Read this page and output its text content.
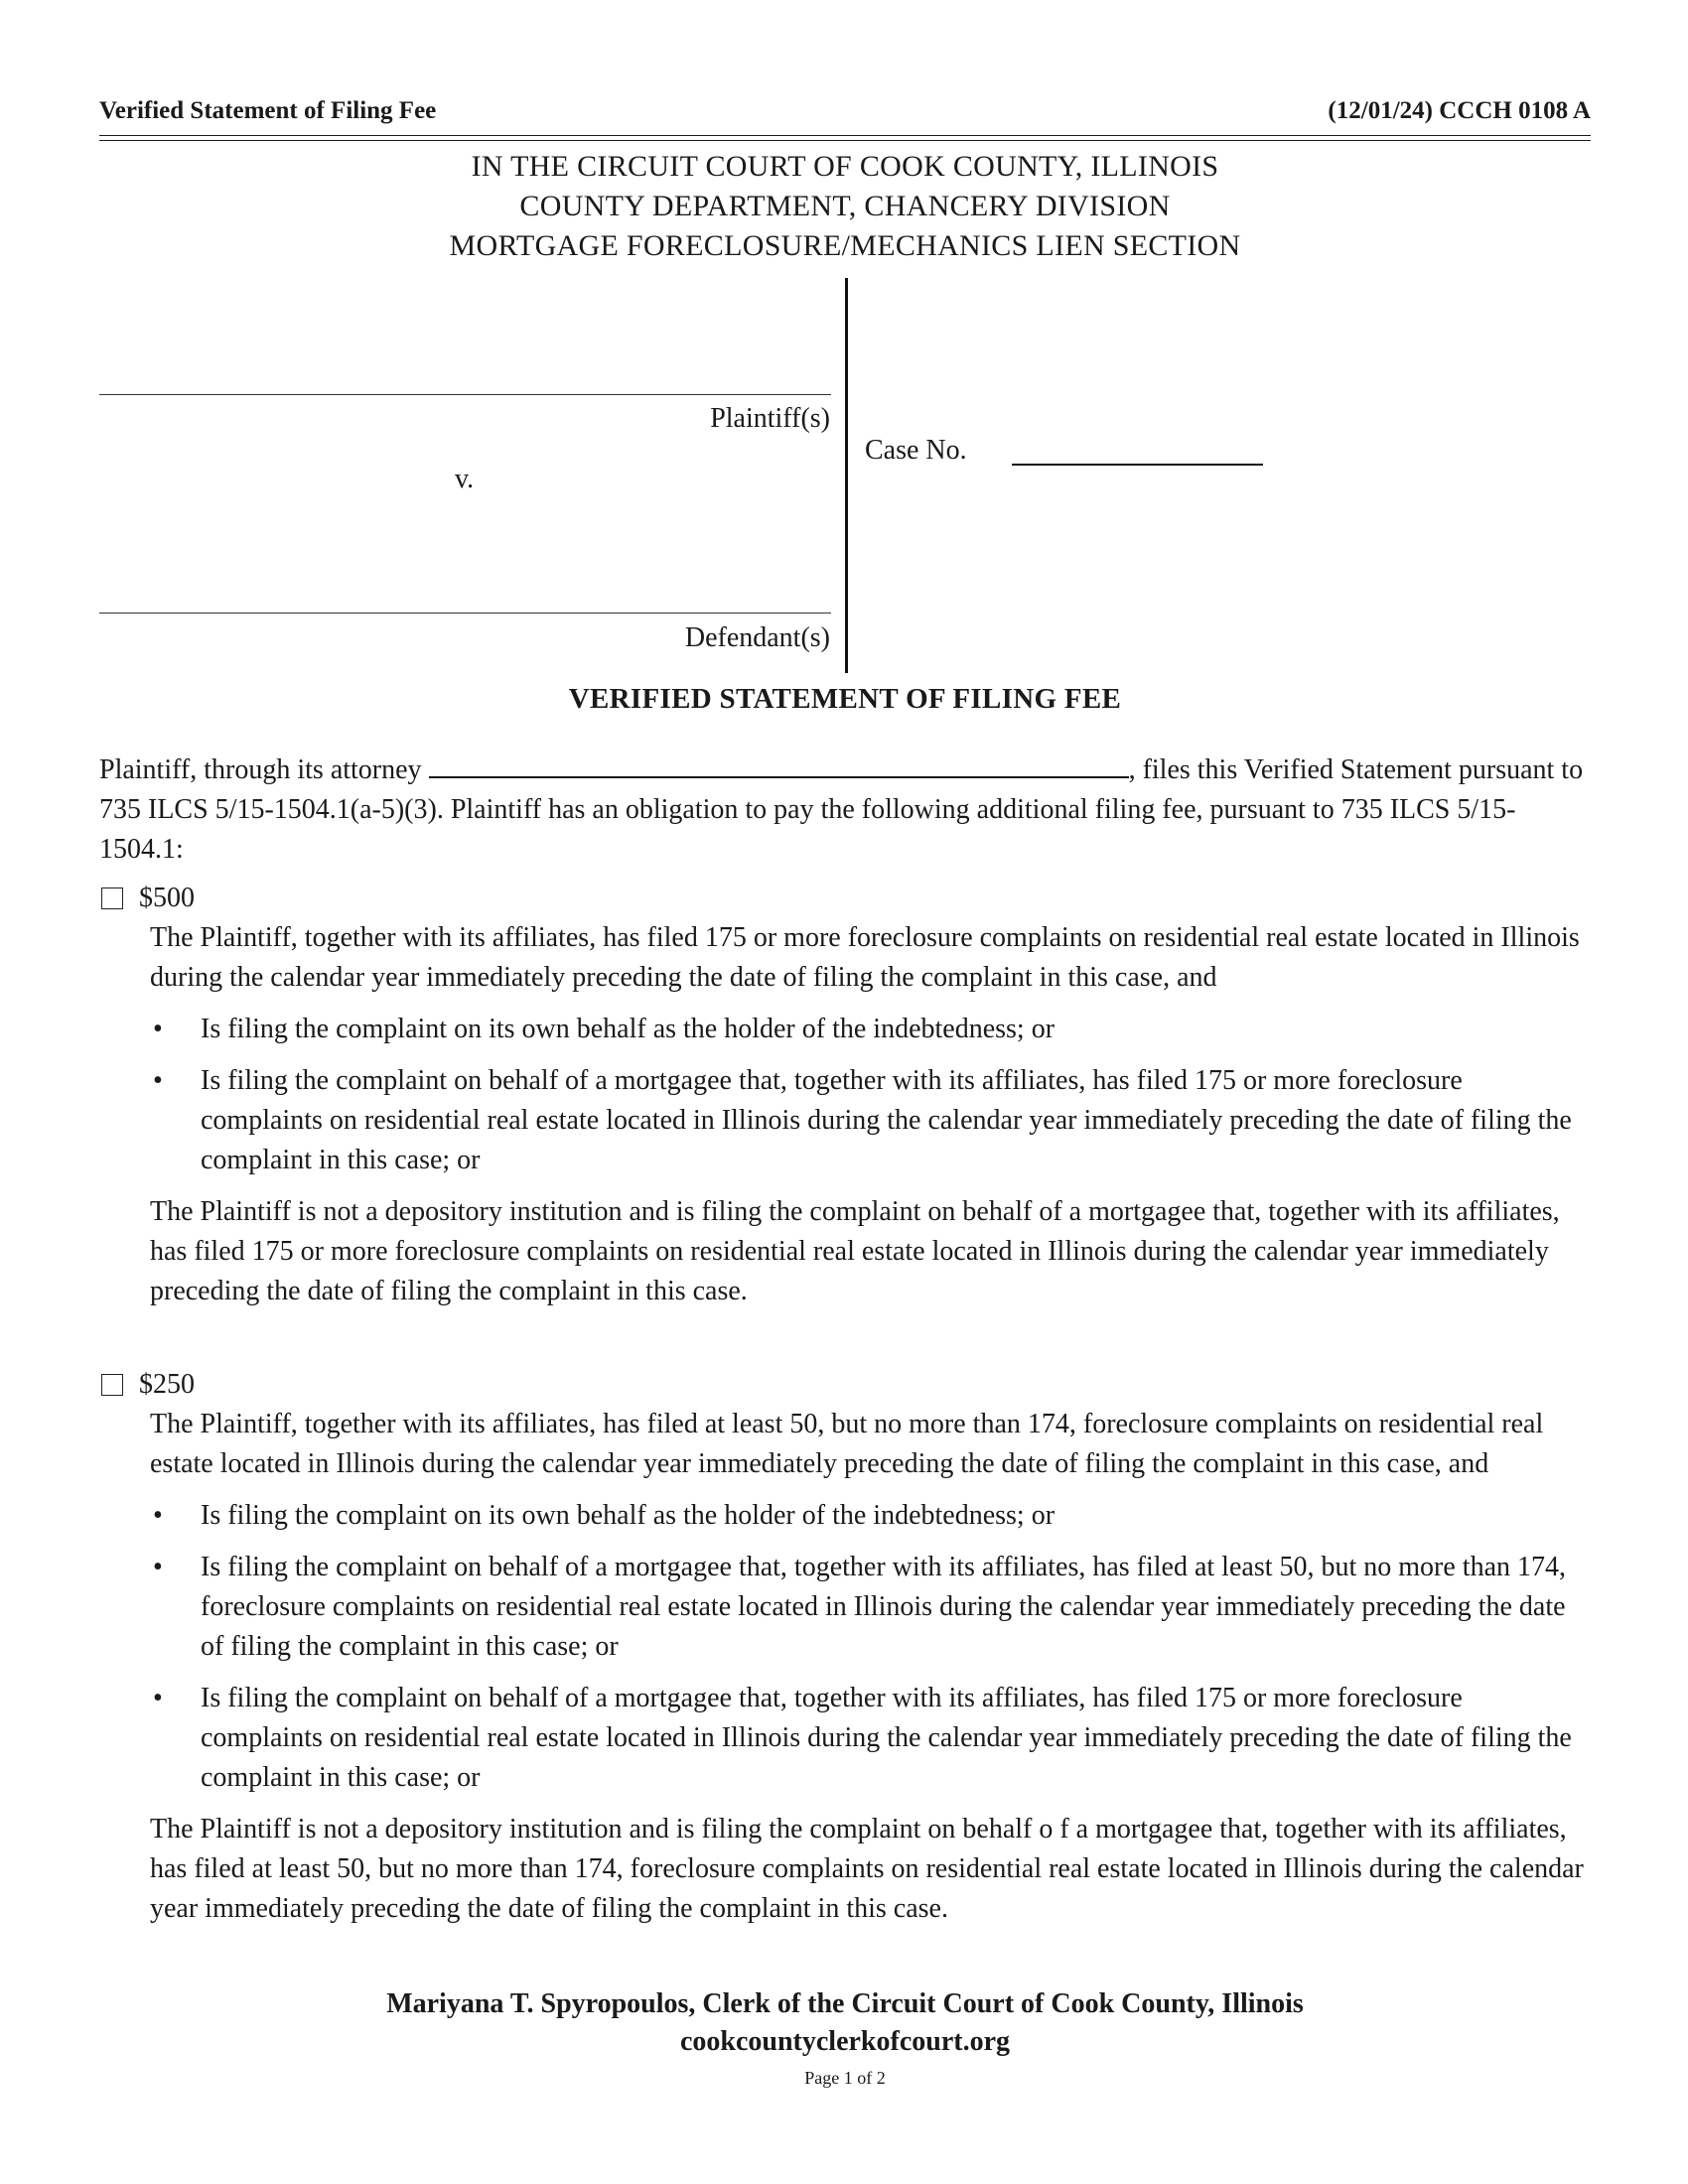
Verified Statement of Filing Fee	(12/01/24) CCCH 0108 A
IN THE CIRCUIT COURT OF COOK COUNTY, ILLINOIS
COUNTY DEPARTMENT, CHANCERY DIVISION
MORTGAGE FORECLOSURE/MECHANICS LIEN SECTION
Plaintiff(s)
v.
Defendant(s)
Case No.
VERIFIED STATEMENT OF FILING FEE
Plaintiff, through its attorney	, files this Verified Statement pursuant to 735 ILCS 5/15-1504.1(a-5)(3). Plaintiff has an obligation to pay the following additional filing fee, pursuant to 735 ILCS 5/15-1504.1:
$500
The Plaintiff, together with its affiliates, has filed 175 or more foreclosure complaints on residential real estate located in Illinois during the calendar year immediately preceding the date of filing the complaint in this case, and
• Is filing the complaint on its own behalf as the holder of the indebtedness; or
• Is filing the complaint on behalf of a mortgagee that, together with its affiliates, has filed 175 or more foreclosure complaints on residential real estate located in Illinois during the calendar year immediately preceding the date of filing the complaint in this case; or
The Plaintiff is not a depository institution and is filing the complaint on behalf of a mortgagee that, together with its affiliates, has filed 175 or more foreclosure complaints on residential real estate located in Illinois during the calendar year immediately preceding the date of filing the complaint in this case.
$250
The Plaintiff, together with its affiliates, has filed at least 50, but no more than 174, foreclosure complaints on residential real estate located in Illinois during the calendar year immediately preceding the date of filing the complaint in this case, and
• Is filing the complaint on its own behalf as the holder of the indebtedness; or
• Is filing the complaint on behalf of a mortgagee that, together with its affiliates, has filed at least 50, but no more than 174, foreclosure complaints on residential real estate located in Illinois during the calendar year immediately preceding the date of filing the complaint in this case; or
• Is filing the complaint on behalf of a mortgagee that, together with its affiliates, has filed 175 or more foreclosure complaints on residential real estate located in Illinois during the calendar year immediately preceding the date of filing the complaint in this case; or
The Plaintiff is not a depository institution and is filing the complaint on behalf o f a mortgagee that, together with its affiliates, has filed at least 50, but no more than 174, foreclosure complaints on residential real estate located in Illinois during the calendar year immediately preceding the date of filing the complaint in this case.
Mariyana T. Spyropoulos, Clerk of the Circuit Court of Cook County, Illinois
cookcountyclerkofcourt.org
Page 1 of 2
